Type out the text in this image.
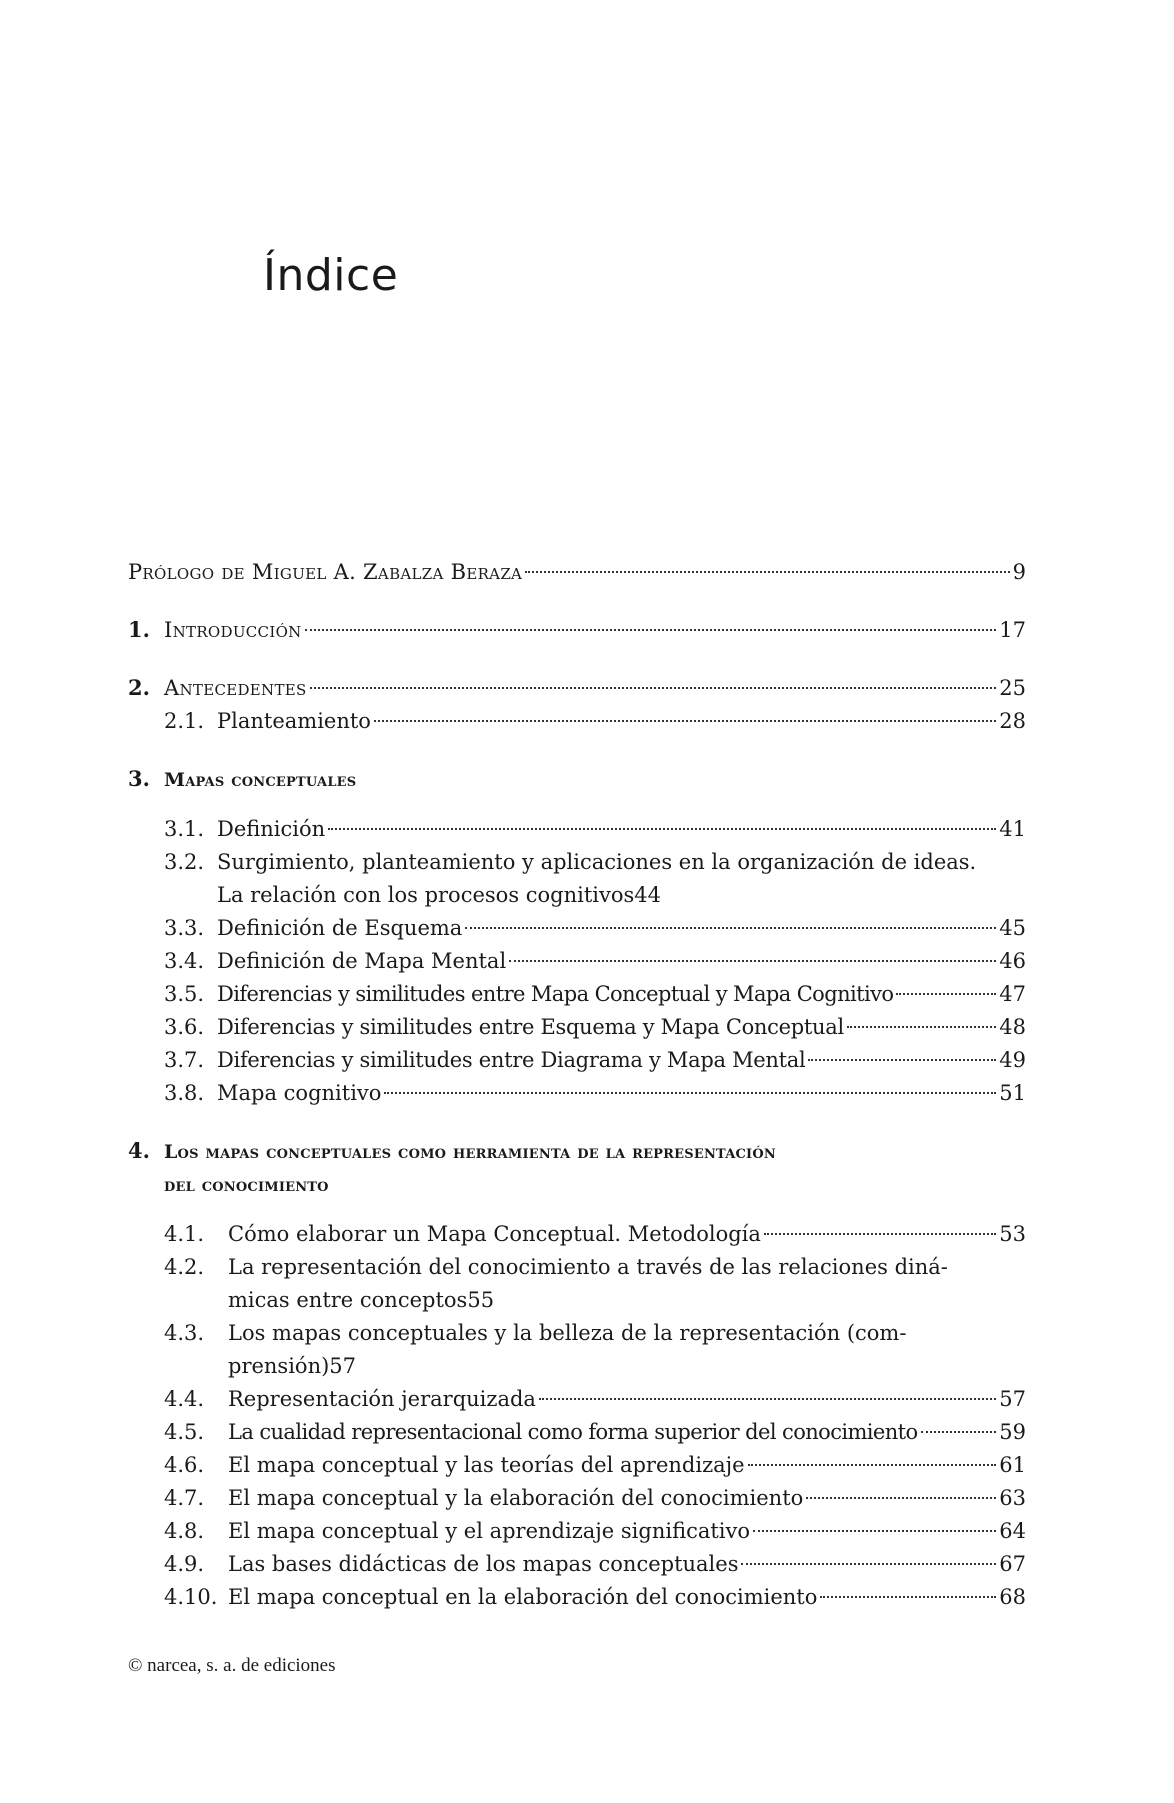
Índice
Prólogo de Miguel A. Zabalza Beraza	9
1. Introducción	17
2. Antecedentes	25
2.1. Planteamiento	28
3. Mapas conceptuales
3.1. Definición	41
3.2. Surgimiento, planteamiento y aplicaciones en la organización de ideas.
La relación con los procesos cognitivos 44
3.3. Definición de Esquema	45
3.4. Definición de Mapa Mental	46
3.5. Diferencias y similitudes entre Mapa Conceptual y Mapa Cognitivo	47
3.6. Diferencias y similitudes entre Esquema y Mapa Conceptual	48
3.7. Diferencias y similitudes entre Diagrama y Mapa Mental	49
3.8. Mapa cognitivo	51
4. Los mapas conceptuales como herramienta de la representación
del conocimiento
4.1.	Cómo elaborar un Mapa Conceptual. Metodología	53
4.2.	La representación del conocimiento a través de las relaciones diná-
micas entre conceptos 55
4.3.	Los mapas conceptuales y la belleza de la representación (com-
prensión) 57
4.4.	Representación jerarquizada	57
4.5.	La cualidad representacional como forma superior del conocimiento	59
4.6.	El mapa conceptual y las teorías del aprendizaje	61
4.7.	El mapa conceptual y la elaboración del conocimiento	63
4.8.	El mapa conceptual y el aprendizaje significativo	64
4.9.	Las bases didácticas de los mapas conceptuales	67
4.10. El mapa conceptual en la elaboración del conocimiento	68
© narcea, s. a. de ediciones
